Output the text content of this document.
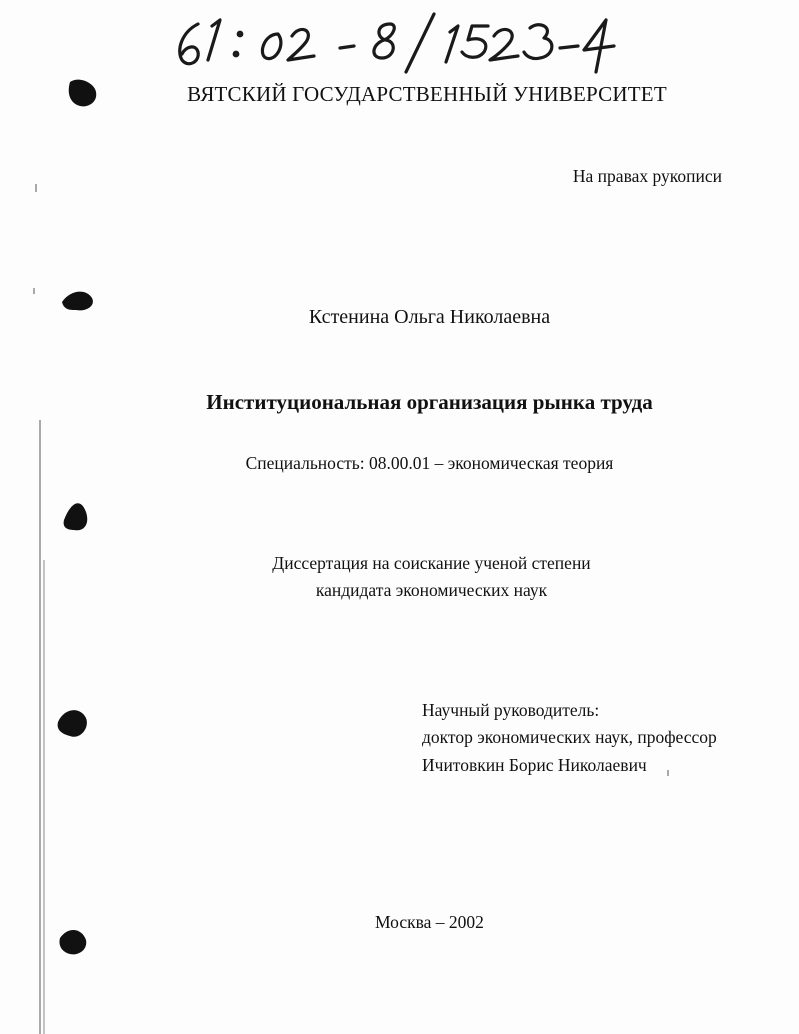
ВЯТСКИЙ ГОСУДАРСТВЕННЫЙ УНИВЕРСИТЕТ
На правах рукописи
Кстенина Ольга Николаевна
Институциональная организация рынка труда
Специальность: 08.00.01 – экономическая теория
Диссертация на соискание ученой степени
кандидата экономических наук
Научный руководитель:
доктор экономических наук, профессор
Ичитовкин Борис Николаевич
Москва – 2002
